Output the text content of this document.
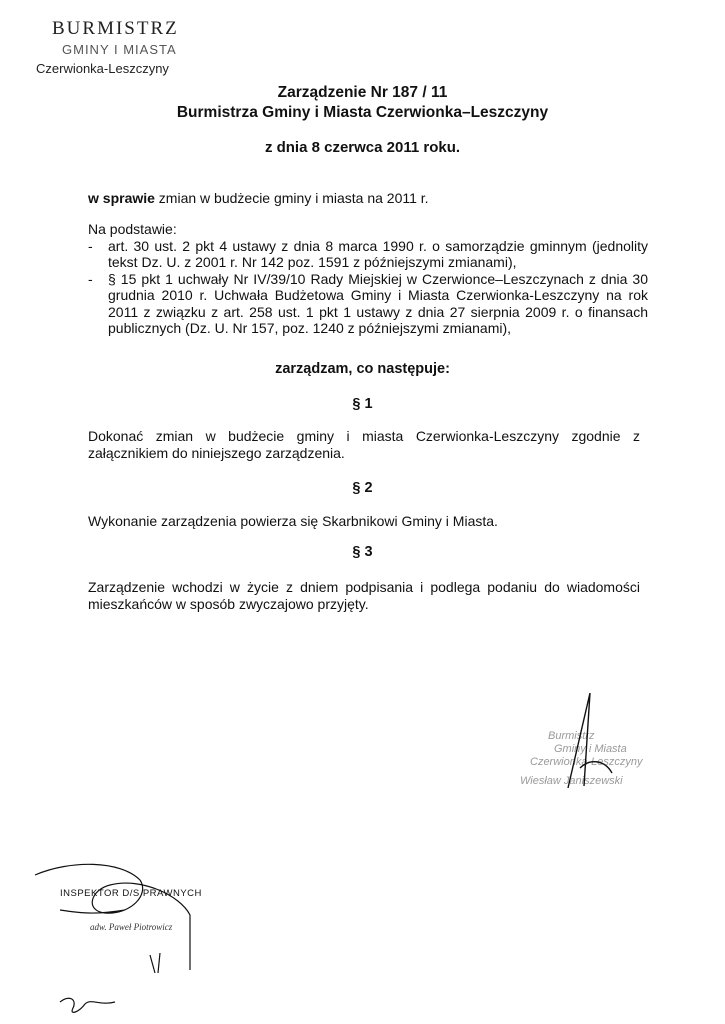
BURMISTRZ
GMINY I MIASTA
Czerwionka-Leszczyny
Zarządzenie Nr 187 / 11
Burmistrza Gminy i Miasta Czerwionka–Leszczyny
z dnia 8 czerwca 2011 roku.
w sprawie zmian w budżecie gminy i miasta na 2011 r.
Na podstawie:
-	art. 30 ust. 2 pkt 4 ustawy z dnia 8 marca 1990 r. o samorządzie gminnym (jednolity tekst Dz. U. z 2001 r. Nr 142 poz. 1591 z późniejszymi zmianami),
-	§ 15 pkt 1 uchwały Nr IV/39/10 Rady Miejskiej w Czerwionce–Leszczynach z dnia 30 grudnia 2010 r. Uchwała Budżetowa Gminy i Miasta Czerwionka-Leszczyny na rok 2011 z związku z art. 258 ust. 1 pkt 1 ustawy z dnia 27 sierpnia 2009 r. o finansach publicznych (Dz. U. Nr 157, poz. 1240 z późniejszymi zmianami),
zarządzam, co następuje:
§ 1
Dokonać zmian w budżecie gminy i miasta Czerwionka-Leszczyny zgodnie z załącznikiem do niniejszego zarządzenia.
§ 2
Wykonanie zarządzenia powierza się Skarbnikowi Gminy i Miasta.
§ 3
Zarządzenie wchodzi w życie z dniem podpisania i podlega podaniu do wiadomości mieszkańców w sposób zwyczajowo przyjęty.
Burmistrz
Gminy i Miasta
Czerwionka-Leszczyny
Wiesław Janiszewski
INSPEKTOR D/S PRAWNYCH
adw. Paweł Piotrowicz
